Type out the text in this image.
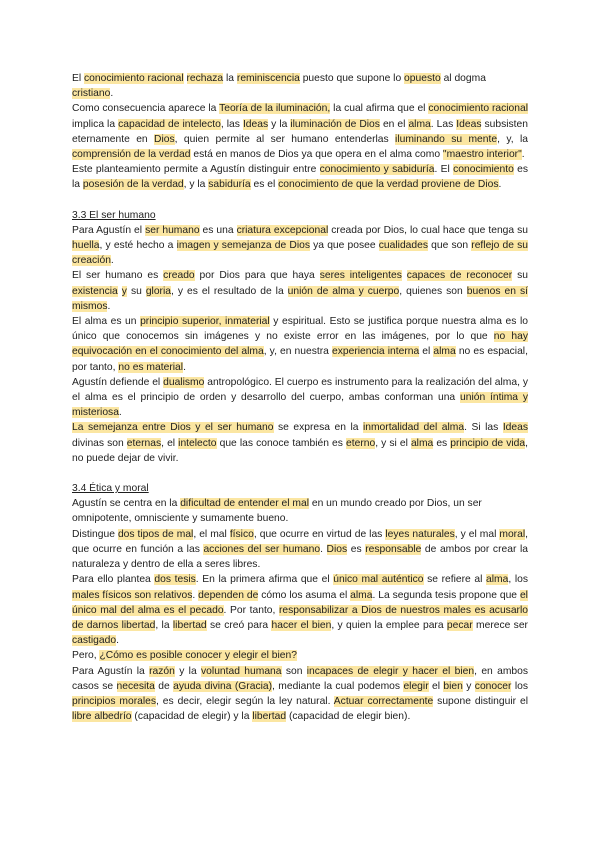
El conocimiento racional rechaza la reminiscencia puesto que supone lo opuesto al dogma cristiano.

Como consecuencia aparece la Teoría de la iluminación, la cual afirma que el conocimiento racional implica la capacidad de intelecto, las Ideas y la iluminación de Dios en el alma. Las Ideas subsisten eternamente en Dios, quien permite al ser humano entenderlas iluminando su mente, y, la comprensión de la verdad está en manos de Dios ya que opera en el alma como "maestro interior".

Este planteamiento permite a Agustín distinguir entre conocimiento y sabiduría. El conocimiento es la posesión de la verdad, y la sabiduría es el conocimiento de que la verdad proviene de Dios.

3.3 El ser humano

Para Agustín el ser humano es una criatura excepcional creada por Dios, lo cual hace que tenga su huella, y esté hecho a imagen y semejanza de Dios ya que posee cualidades que son reflejo de su creación.

El ser humano es creado por Dios para que haya seres inteligentes capaces de reconocer su existencia y su gloria, y es el resultado de la unión de alma y cuerpo, quienes son buenos en sí mismos.

El alma es un principio superior, inmaterial y espiritual. Esto se justifica porque nuestra alma es lo único que conocemos sin imágenes y no existe error en las imágenes, por lo que no hay equivocación en el conocimiento del alma, y, en nuestra experiencia interna el alma no es espacial, por tanto, no es material.

Agustín defiende el dualismo antropológico. El cuerpo es instrumento para la realización del alma, y el alma es el principio de orden y desarrollo del cuerpo, ambas conforman una unión íntima y misteriosa.

La semejanza entre Dios y el ser humano se expresa en la inmortalidad del alma. Si las Ideas divinas son eternas, el intelecto que las conoce también es eterno, y si el alma es principio de vida, no puede dejar de vivir.

3.4 Ética y moral

Agustín se centra en la dificultad de entender el mal en un mundo creado por Dios, un ser omnipotente, omnisciente y sumamente bueno.

Distingue dos tipos de mal, el mal físico, que ocurre en virtud de las leyes naturales, y el mal moral, que ocurre en función a las acciones del ser humano. Dios es responsable de ambos por crear la naturaleza y dentro de ella a seres libres.

Para ello plantea dos tesis. En la primera afirma que el único mal auténtico se refiere al alma, los males físicos son relativos. dependen de cómo los asuma el alma. La segunda tesis propone que el único mal del alma es el pecado. Por tanto, responsabilizar a Dios de nuestros males es acusarlo de darnos libertad, la libertad se creó para hacer el bien, y quien la emplee para pecar merece ser castigado.

Pero, ¿Cómo es posible conocer y elegir el bien?

Para Agustín la razón y la voluntad humana son incapaces de elegir y hacer el bien, en ambos casos se necesita de ayuda divina (Gracia), mediante la cual podemos elegir el bien y conocer los principios morales, es decir, elegir según la ley natural. Actuar correctamente supone distinguir el libre albedrío (capacidad de elegir) y la libertad (capacidad de elegir bien).
